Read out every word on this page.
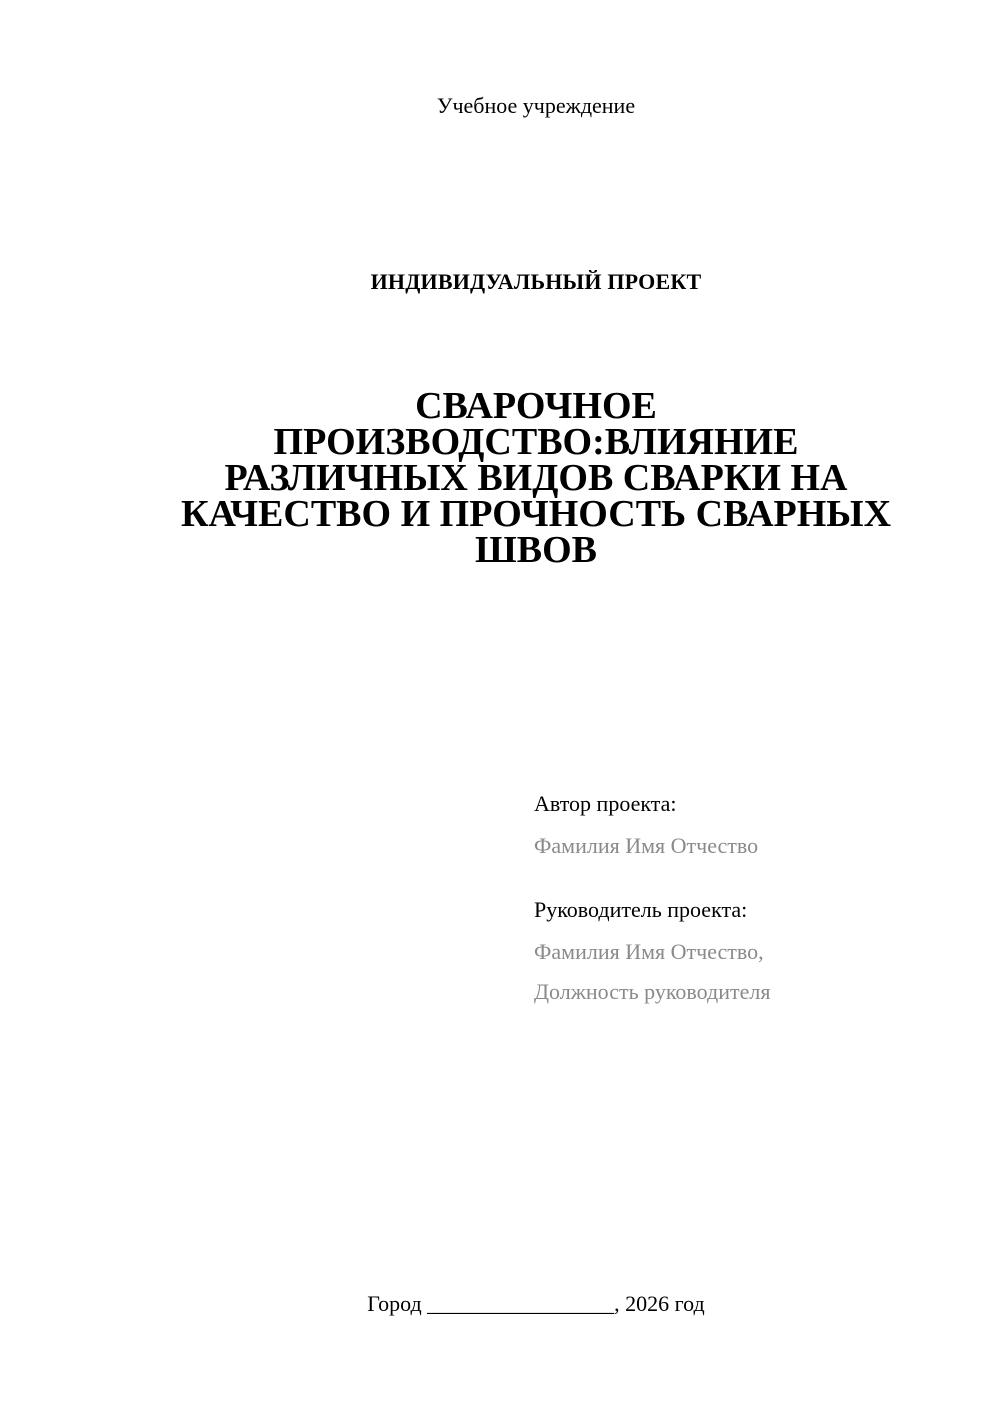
Учебное учреждение
ИНДИВИДУАЛЬНЫЙ ПРОЕКТ
СВАРОЧНОЕ
ПРОИЗВОДСТВО:ВЛИЯНИЕ
РАЗЛИЧНЫХ ВИДОВ СВАРКИ НА
КАЧЕСТВО И ПРОЧНОСТЬ СВАРНЫХ
ШВОВ
Автор проекта:
Фамилия Имя Отчество
Руководитель проекта:
Фамилия Имя Отчество,
Должность руководителя
Город _________________, 2026 год
